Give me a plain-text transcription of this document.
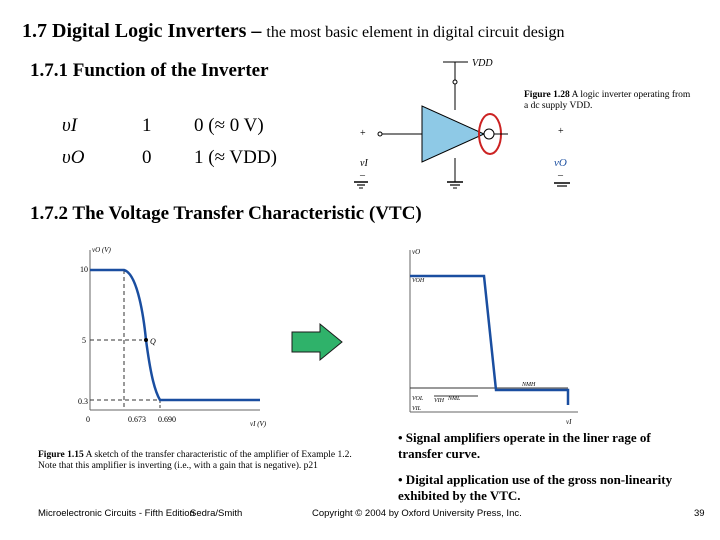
1.7 Digital Logic Inverters – the most basic element in digital circuit design
1.7.1 Function of the Inverter
υI	1	0 (≈ 0 V)
υO	0	1 (≈ VDD)
VDD
+
vI
–
+
vO
–
Figure 1.28 A logic inverter operating from a dc supply VDD.
1.7.2 The Voltage Transfer Characteristic (VTC)
vO (V)
vI (V)
10
5
0.3
0	0.673 0.690
Q
vO
VOH
VIL
VIH
VOL
NMH
NML
vI
Figure 1.15 A sketch of the transfer characteristic of the amplifier of Example 1.2. Note that this amplifier is inverting (i.e., with a gain that is negative). p21
• Signal amplifiers operate in the liner rage of transfer curve.
• Digital application use of the gross non-linearity exhibited by the VTC.
Microelectronic Circuits - Fifth Edition
Sedra/Smith	Copyright © 2004 by Oxford University Press, Inc.	39
